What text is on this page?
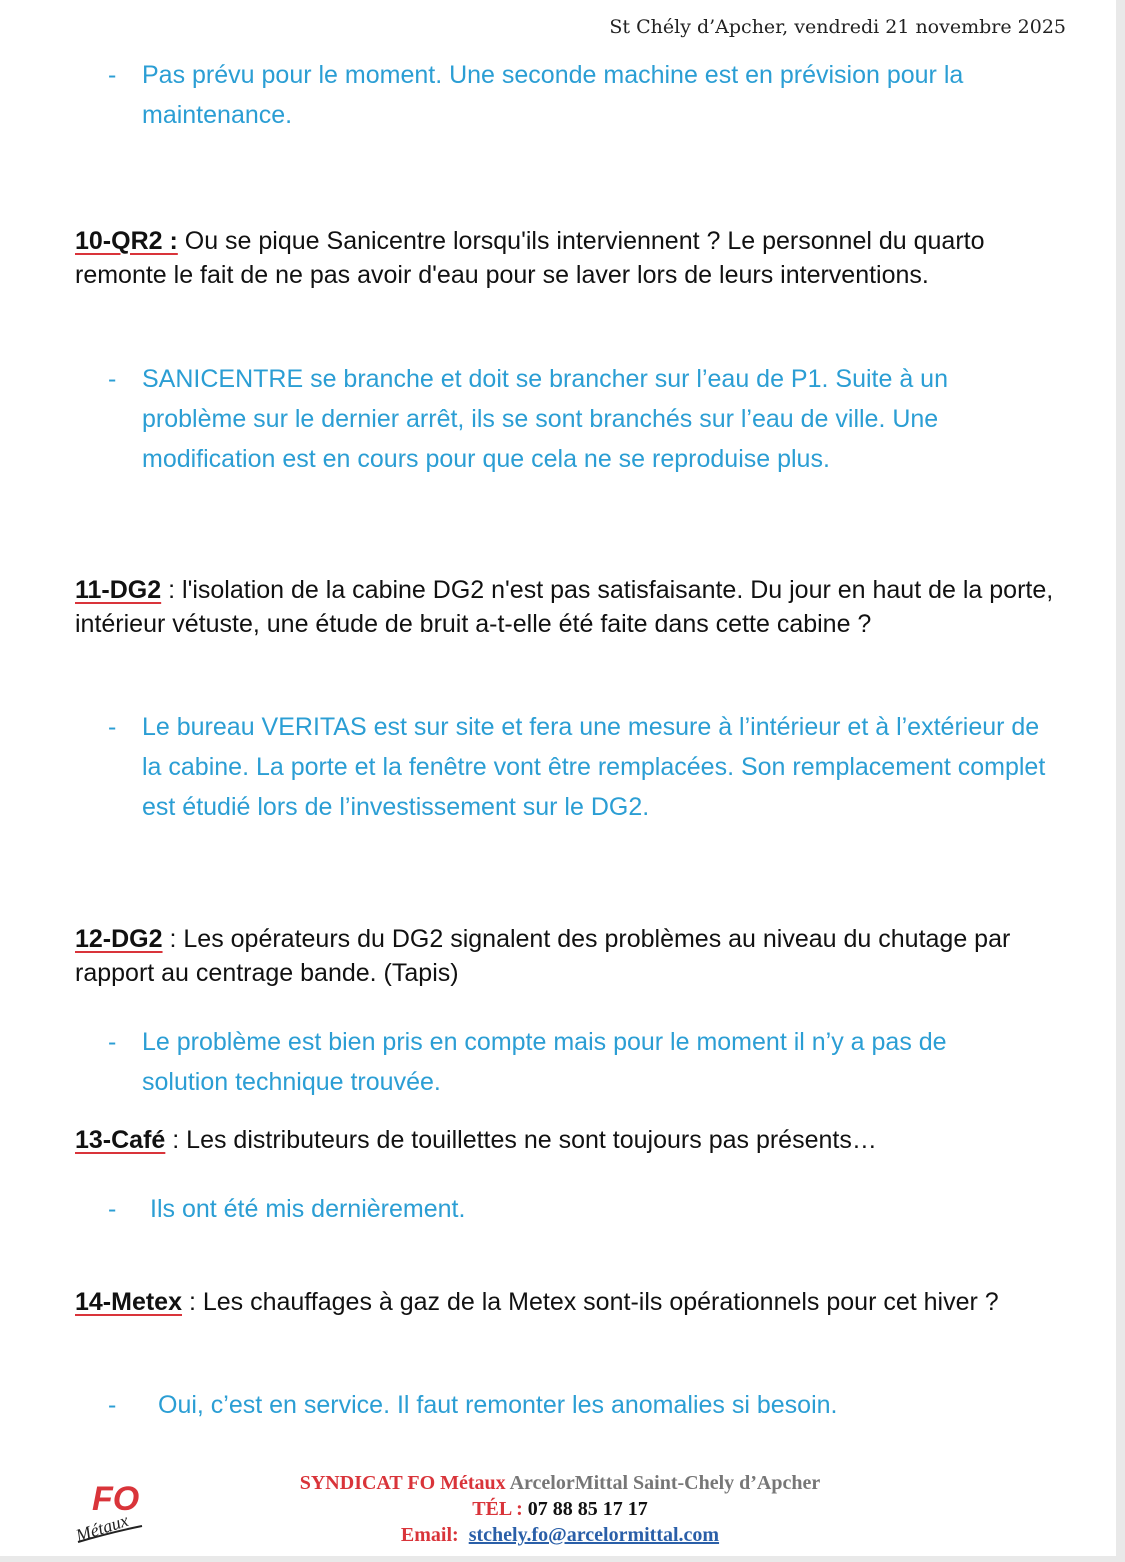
St Chély d’Apcher, vendredi 21 novembre 2025
- Pas prévu pour le moment. Une seconde machine est en prévision pour la maintenance.
10-QR2 : Ou se pique Sanicentre lorsqu'ils interviennent ? Le personnel du quarto remonte le fait de ne pas avoir d'eau pour se laver lors de leurs interventions.
- SANICENTRE se branche et doit se brancher sur l’eau de P1. Suite à un problème sur le dernier arrêt, ils se sont branchés sur l’eau de ville. Une modification est en cours pour que cela ne se reproduise plus.
11-DG2 : l'isolation de la cabine DG2 n'est pas satisfaisante. Du jour en haut de la porte, intérieur vétuste, une étude de bruit a-t-elle été faite dans cette cabine ?
- Le bureau VERITAS est sur site et fera une mesure à l’intérieur et à l’extérieur de la cabine. La porte et la fenêtre vont être remplacées. Son remplacement complet est étudié lors de l’investissement sur le DG2.
12-DG2 : Les opérateurs du DG2 signalent des problèmes au niveau du chutage par rapport au centrage bande. (Tapis)
- Le problème est bien pris en compte mais pour le moment il n’y a pas de solution technique trouvée.
13-Café : Les distributeurs de touillettes ne sont toujours pas présents…
- Ils ont été mis dernièrement.
14-Metex : Les chauffages à gaz de la Metex sont-ils opérationnels pour cet hiver ?
- Oui, c’est en service. Il faut remonter les anomalies si besoin.
FO
Métaux
SYNDICAT FO Métaux ArcelorMittal Saint-Chely d’Apcher
TÉL : 07 88 85 17 17
Email:  stchely.fo@arcelormittal.com
